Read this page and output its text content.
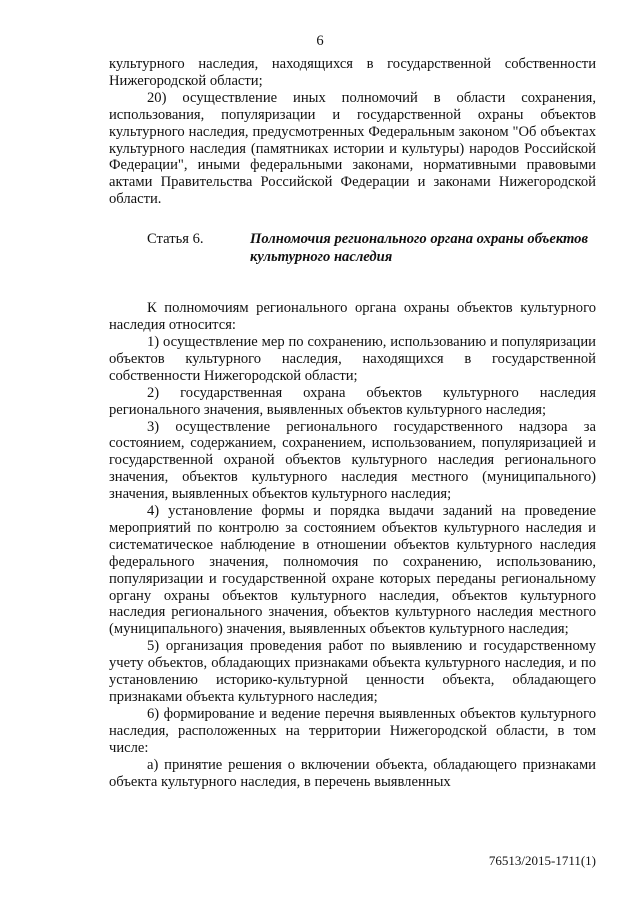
6

культурного наследия, находящихся в государственной собственности Нижегородской области;

20) осуществление иных полномочий в области сохранения, использования, популяризации и государственной охраны объектов культурного наследия, предусмотренных Федеральным законом "Об объектах культурного наследия (памятниках истории и культуры) народов Российской Федерации", иными федеральными законами, нормативными правовыми актами Правительства Российской Федерации и законами Нижегородской области.

Статья 6.	Полномочия регионального органа охраны объектов культурного наследия

К полномочиям регионального органа охраны объектов культурного наследия относится:

1) осуществление мер по сохранению, использованию и популяризации объектов культурного наследия, находящихся в государственной собственности Нижегородской области;

2) государственная охрана объектов культурного наследия регионального значения, выявленных объектов культурного наследия;

3) осуществление регионального государственного надзора за состоянием, содержанием, сохранением, использованием, популяризацией и государственной охраной объектов культурного наследия регионального значения, объектов культурного наследия местного (муниципального) значения, выявленных объектов культурного наследия;

4) установление формы и порядка выдачи заданий на проведение мероприятий по контролю за состоянием объектов культурного наследия и систематическое наблюдение в отношении объектов культурного наследия федерального значения, полномочия по сохранению, использованию, популяризации и государственной охране которых переданы региональному органу охраны объектов культурного наследия, объектов культурного наследия регионального значения, объектов культурного наследия местного (муниципального) значения, выявленных объектов культурного наследия;

5) организация проведения работ по выявлению и государственному учету объектов, обладающих признаками объекта культурного наследия, и по установлению историко-культурной ценности объекта, обладающего признаками объекта культурного наследия;

6) формирование и ведение перечня выявленных объектов культурного наследия, расположенных на территории Нижегородской области, в том числе:

а) принятие решения о включении объекта, обладающего признаками объекта культурного наследия, в перечень выявленных

76513/2015-1711(1)
